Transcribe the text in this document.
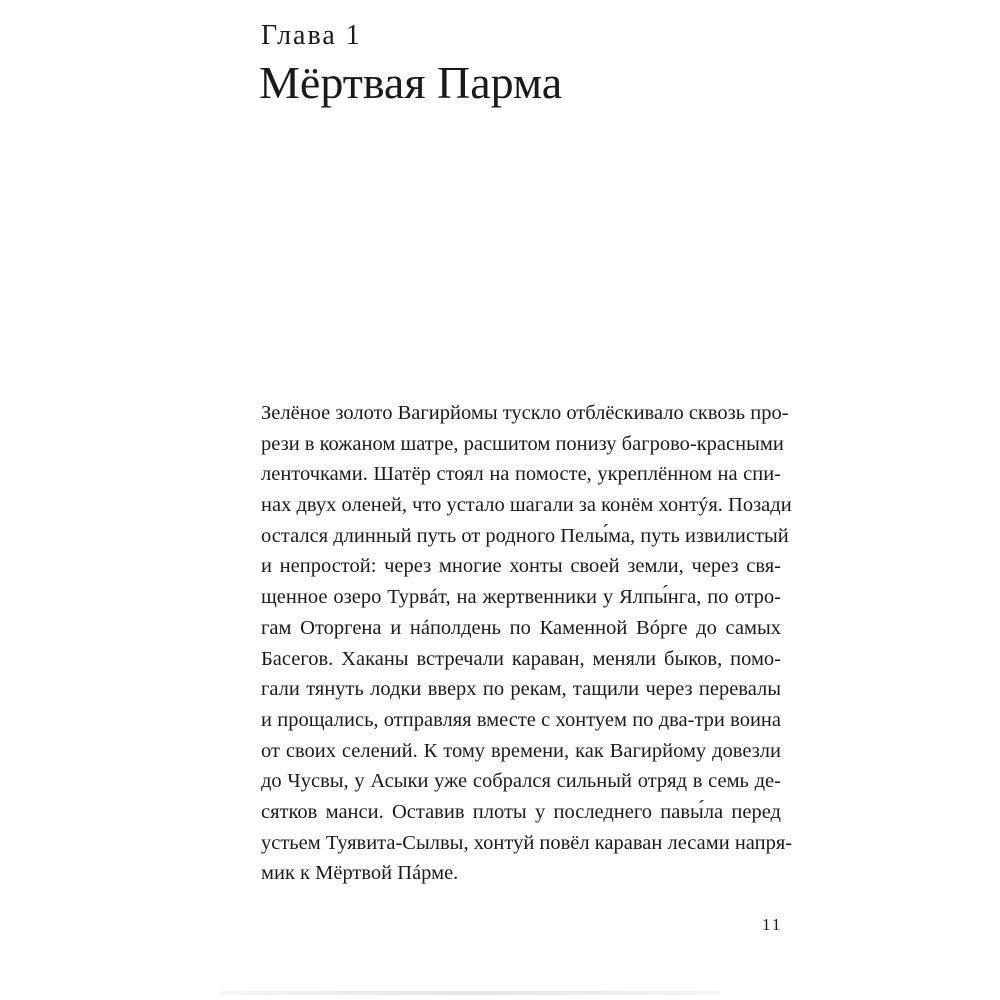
Глава 1
Мёртвая Парма
Зелёное золото Вагирйомы тускло отблёскивало сквозь про-
рези в кожаном шатре, расшитом понизу багрово-красными
ленточками. Шатёр стоял на помосте, укреплённом на спи-
нах двух оленей, что устало шагали за конём хонтýя. Позади
остался длинный путь от родного Пелы́ма, путь извилистый
и непростой: через многие хонты своей земли, через свя-
щенное озеро Турвáт, на жертвенники у Ялпы́нга, по отро-
гам Оторгена и нáполдень по Каменной Вóрге до самых
Басегов. Хаканы встречали караван, меняли быков, помо-
гали тянуть лодки вверх по рекам, тащили через перевалы
и прощались, отправляя вместе с хонтуем по два-три воина
от своих селений. К тому времени, как Вагирйому довезли
до Чусвы, у Асыки уже собрался сильный отряд в семь де-
сятков манси. Оставив плоты у последнего павы́ла перед
устьем Туявита-Сылвы, хонтуй повёл караван лесами напря-
мик к Мёртвой Пáрме.
11
